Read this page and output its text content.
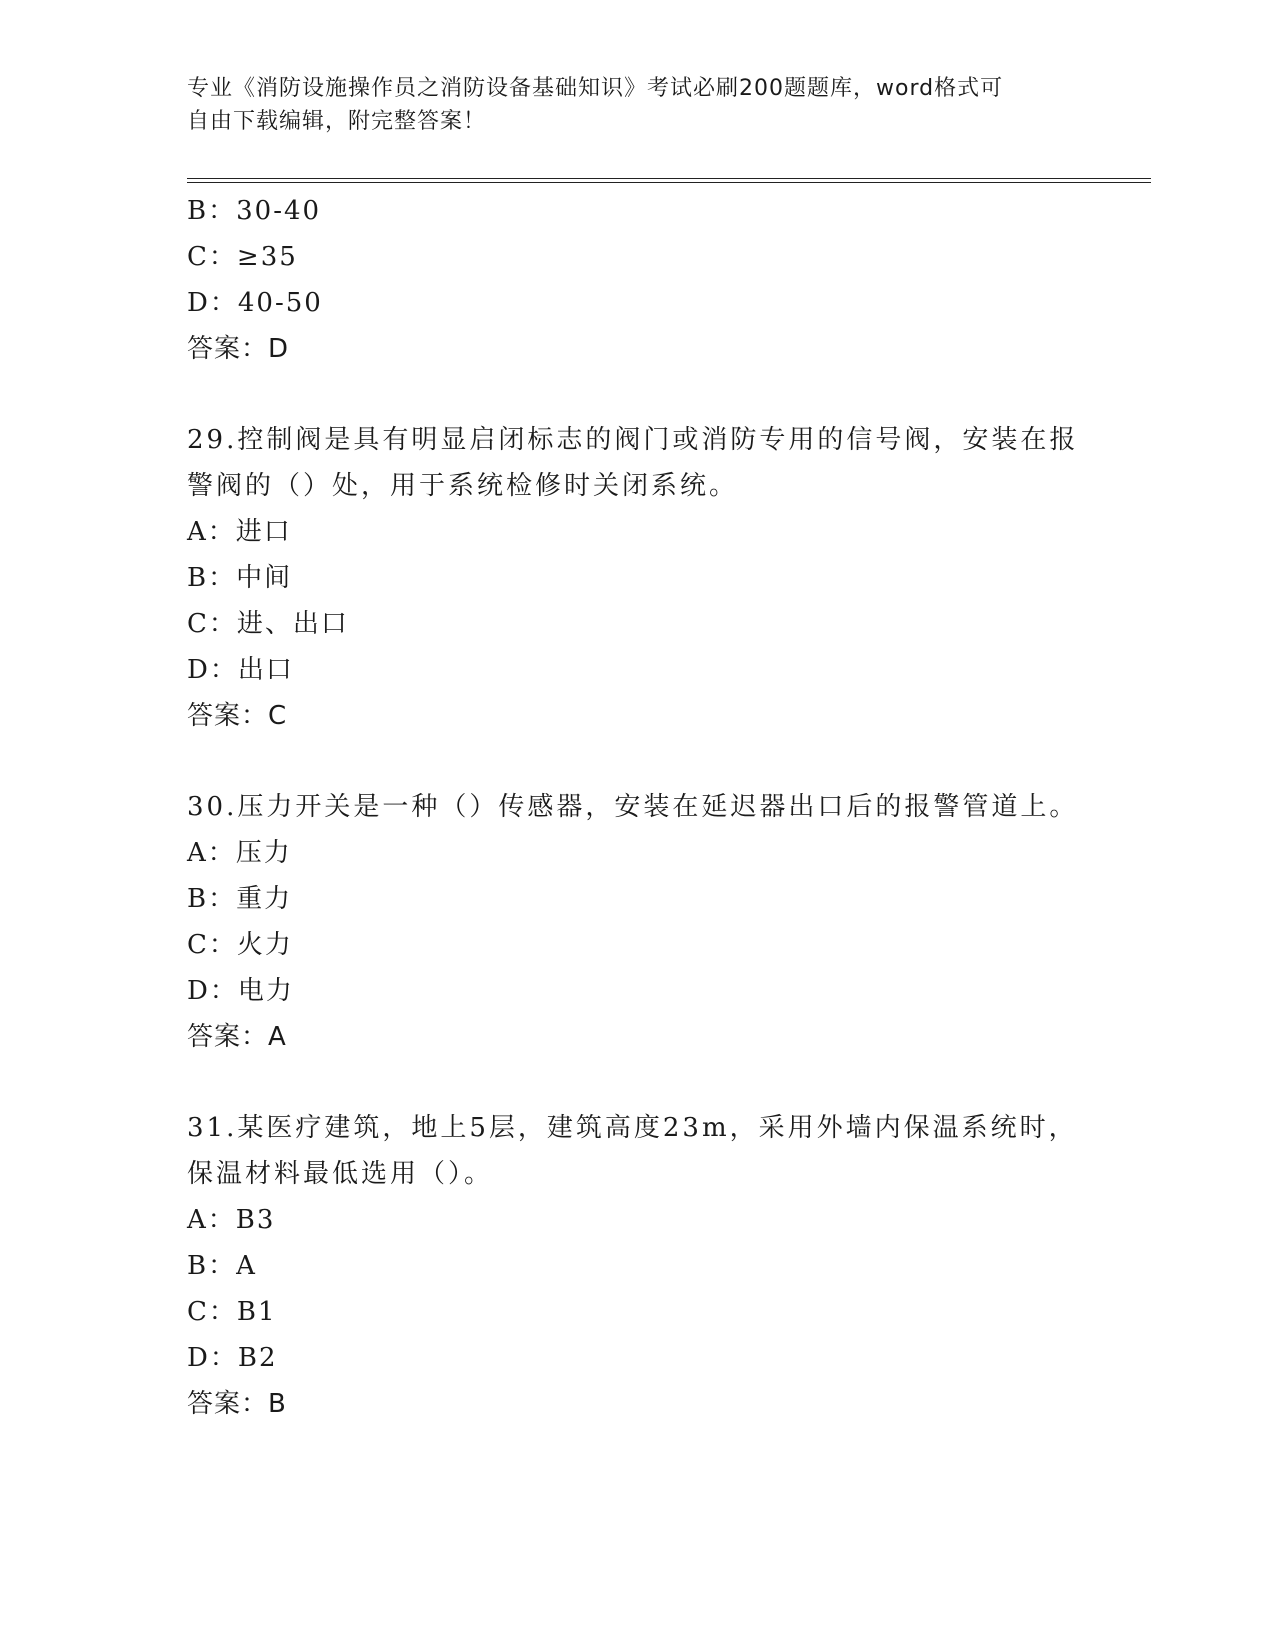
专业《消防设施操作员之消防设备基础知识》考试必刷200题题库，word格式可
自由下载编辑，附完整答案！
B：30-40
C：≥35
D：40-50
答案：D
29.控制阀是具有明显启闭标志的阀门或消防专用的信号阀，安装在报
警阀的（）处，用于系统检修时关闭系统。
A：进口
B：中间
C：进、出口
D：出口
答案：C
30.压力开关是一种（）传感器，安装在延迟器出口后的报警管道上。
A：压力
B：重力
C：火力
D：电力
答案：A
31.某医疗建筑，地上5层，建筑高度23m，采用外墙内保温系统时，
保温材料最低选用（）。
A：B3
B：A
C：B1
D：B2
答案：B
